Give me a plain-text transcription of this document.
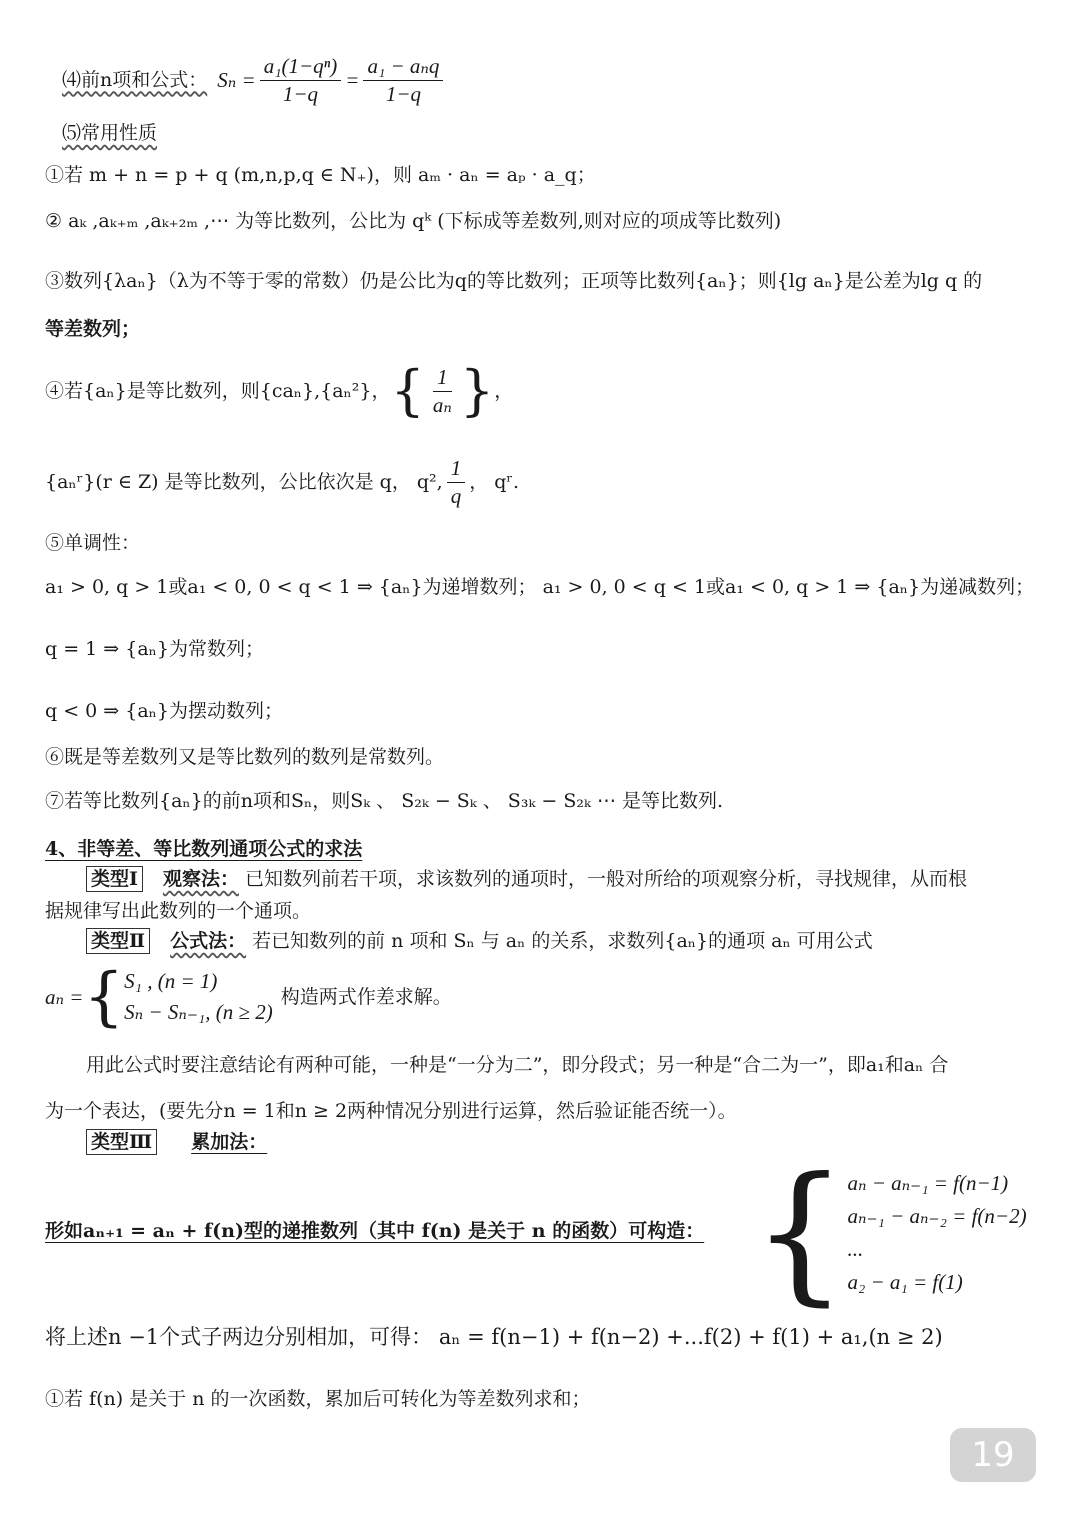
⑷前n项和公式： $S_n = \frac{\text{a₁(1−qⁿ)}}{1-q} = \frac{\text{a₁ − aₙq}}{1-q}$
⑸常用性质
①若 m + n = p + q (m,n,p,q ∈ N₊)，则 aₘ · aₙ = aₚ · a_q；
② aₖ ,aₖ₊ₘ ,aₖ₊₂ₘ ,⋯ 为等比数列，公比为 qᵏ (下标成等差数列,则对应的项成等比数列)
③数列{λaₙ}（λ为不等于零的常数）仍是公比为q的等比数列；正项等比数列{aₙ}；则{lg aₙ}是公差为lg q 的
等差数列；
④若{aₙ}是等比数列，则{caₙ},{aₙ²}， { $\frac{1}{\text{aₙ}}$ } ，
{aₙʳ}(r ∈ Z) 是等比数列，公比依次是 q， q², $\frac{1}{q}$ ， qʳ.
⑤单调性：
a₁ > 0, q > 1或a₁ < 0, 0 < q < 1 ⇒ {aₙ}为递增数列； a₁ > 0, 0 < q < 1或a₁ < 0, q > 1 ⇒ {aₙ}为递减数列；
q = 1 ⇒ {aₙ}为常数列；
q < 0 ⇒ {aₙ}为摆动数列；
⑥既是等差数列又是等比数列的数列是常数列。
⑦若等比数列{aₙ}的前n项和Sₙ，则Sₖ 、 S₂ₖ − Sₖ 、 S₃ₖ − S₂ₖ ⋯ 是等比数列.
4、非等差、等比数列通项公式的求法
类型Ⅰ 观察法： 已知数列前若干项，求该数列的通项时，一般对所给的项观察分析，寻找规律，从而根
据规律写出此数列的一个通项。
类型Ⅱ 公式法： 若已知数列的前 n 项和 Sₙ 与 aₙ 的关系，求数列{aₙ}的通项 aₙ 可用公式
aₙ = { S₁ , (n = 1)
Sₙ − Sₙ₋₁, (n ≥ 2)
构造两式作差求解。
用此公式时要注意结论有两种可能，一种是“一分为二”，即分段式；另一种是“合二为一”，即a₁和aₙ 合
为一个表达，(要先分n = 1和n ≥ 2两种情况分别进行运算，然后验证能否统一）。
类型Ⅲ 累加法：
形如aₙ₊₁ = aₙ + f(n)型的递推数列（其中 f(n) 是关于 n 的函数）可构造： { aₙ − aₙ₋₁ = f(n−1)
aₙ₋₁ − aₙ₋₂ = f(n−2)
...
a₂ − a₁ = f(1)
将上述n −1个式子两边分别相加，可得： aₙ = f(n−1) + f(n−2) +...f(2) + f(1) + a₁,(n ≥ 2)
①若 f(n) 是关于 n 的一次函数，累加后可转化为等差数列求和；
19
